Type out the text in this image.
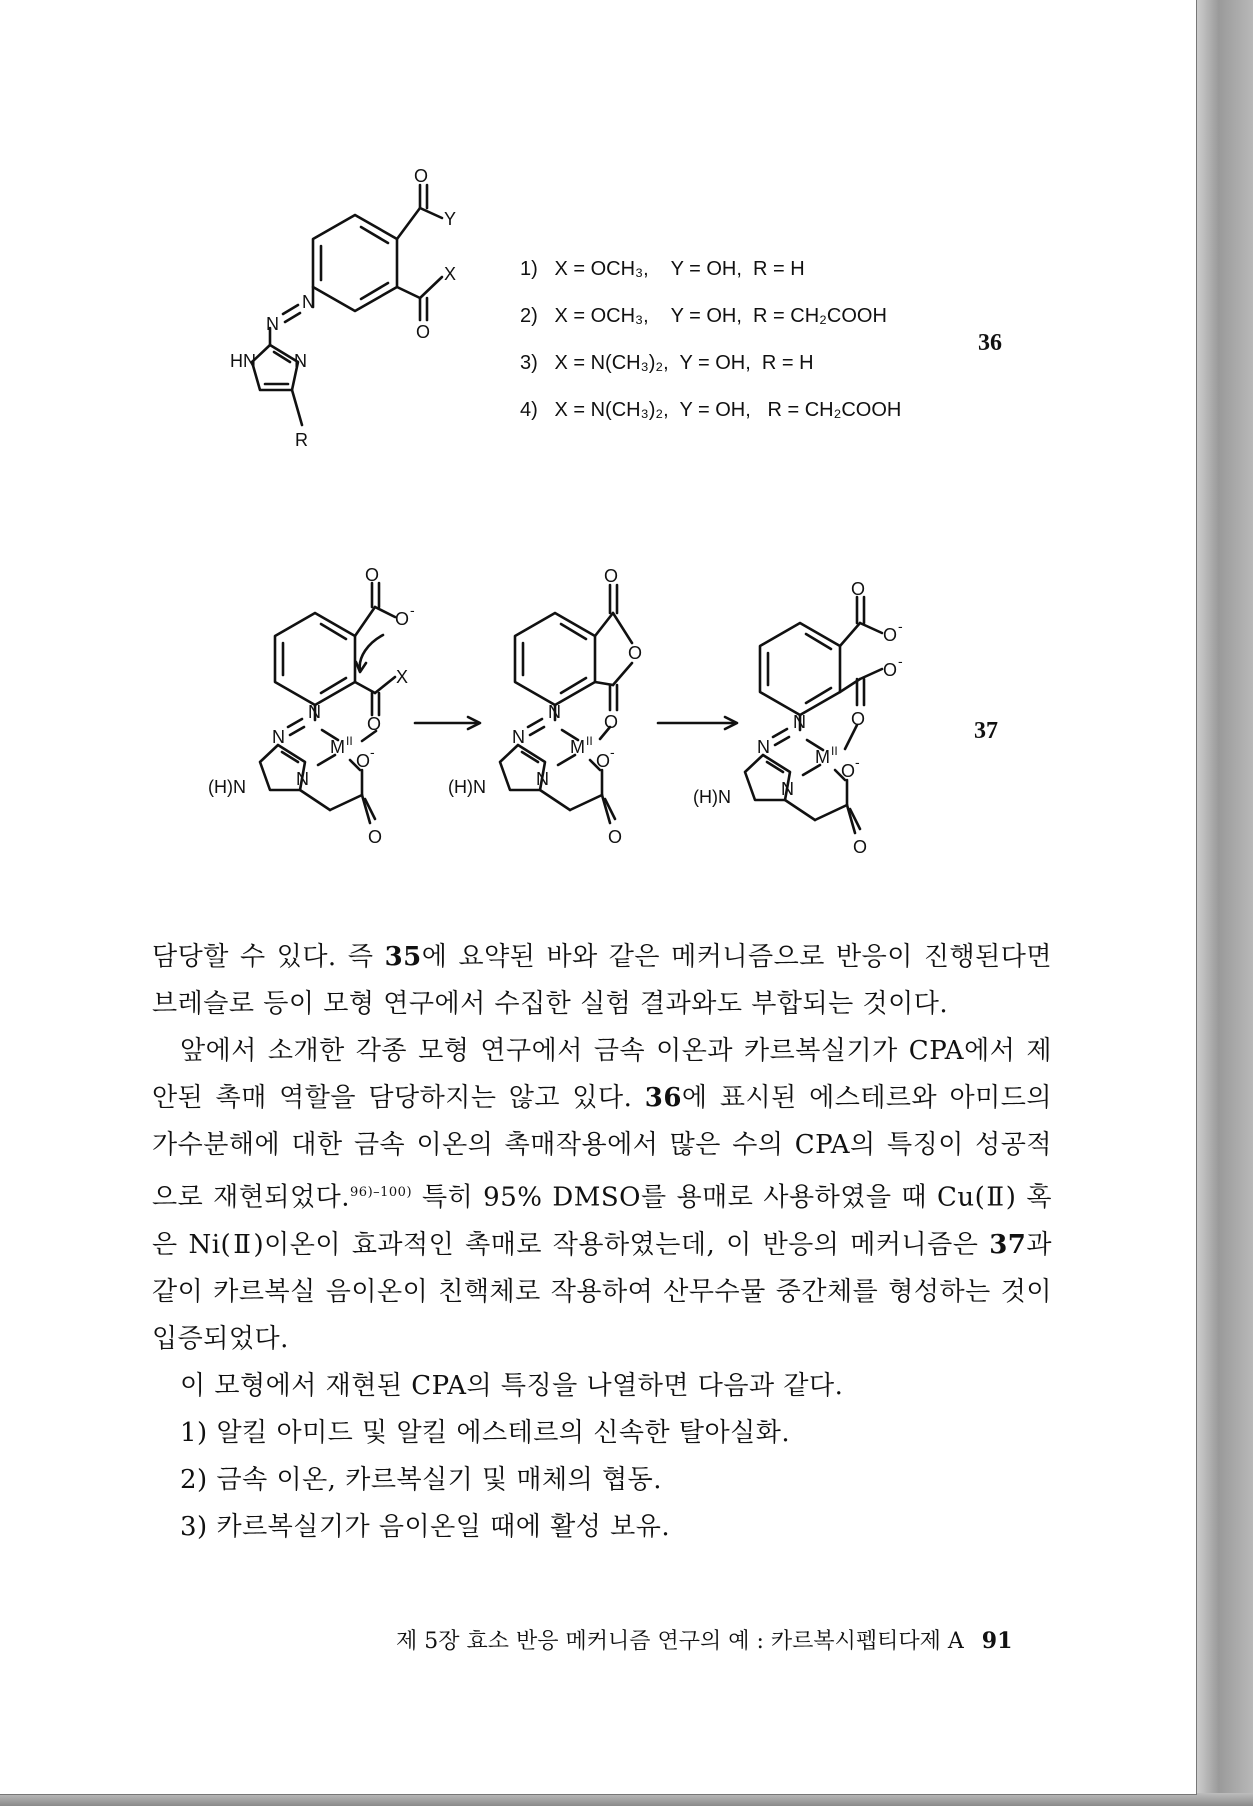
O
Y
X
O
N
N
HN N
R
1)   X = OCH₃,    Y = OH,  R = H
2)   X = OCH₃,    Y = OH,  R = CH₂COOH
3)   X = N(CH₃)₂,  Y = OH,  R = H
4)   X = N(CH₃)₂,  Y = OH,   R = CH₂COOH
36
O
O -
X
O
N
N	M II
(H)N	N
O -
O
O
O
O
N
N	M II
(H)N	N
O -
O
O
O -
O -
O
N
N	M II
(H)N	N
O -
O
37

담당할 수 있다. 즉 35에 요약된 바와 같은 메커니즘으로 반응이 진행된다면 브레슬로 등이 모형 연구에서 수집한 실험 결과와도 부합되는 것이다.

앞에서 소개한 각종 모형 연구에서 금속 이온과 카르복실기가 CPA에서 제안된 촉매 역할을 담당하지는 않고 있다. 36에 표시된 에스테르와 아미드의 가수분해에 대한 금속 이온의 촉매작용에서 많은 수의 CPA의 특징이 성공적으로 재현되었다.$^{96)-100)}$ 특히 95% DMSO를 용매로 사용하였을 때 Cu(Ⅱ) 혹은 Ni(Ⅱ)이온이 효과적인 촉매로 작용하였는데, 이 반응의 메커니즘은 37과 같이 카르복실 음이온이 친핵체로 작용하여 산무수물 중간체를 형성하는 것이 입증되었다.

이 모형에서 재현된 CPA의 특징을 나열하면 다음과 같다.

1) 알킬 아미드 및 알킬 에스테르의 신속한 탈아실화.

2) 금속 이온, 카르복실기 및 매체의 협동.

3) 카르복실기가 음이온일 때에 활성 보유.

제 5장 효소 반응 메커니즘 연구의 예 : 카르복시펩티다제 A 91
